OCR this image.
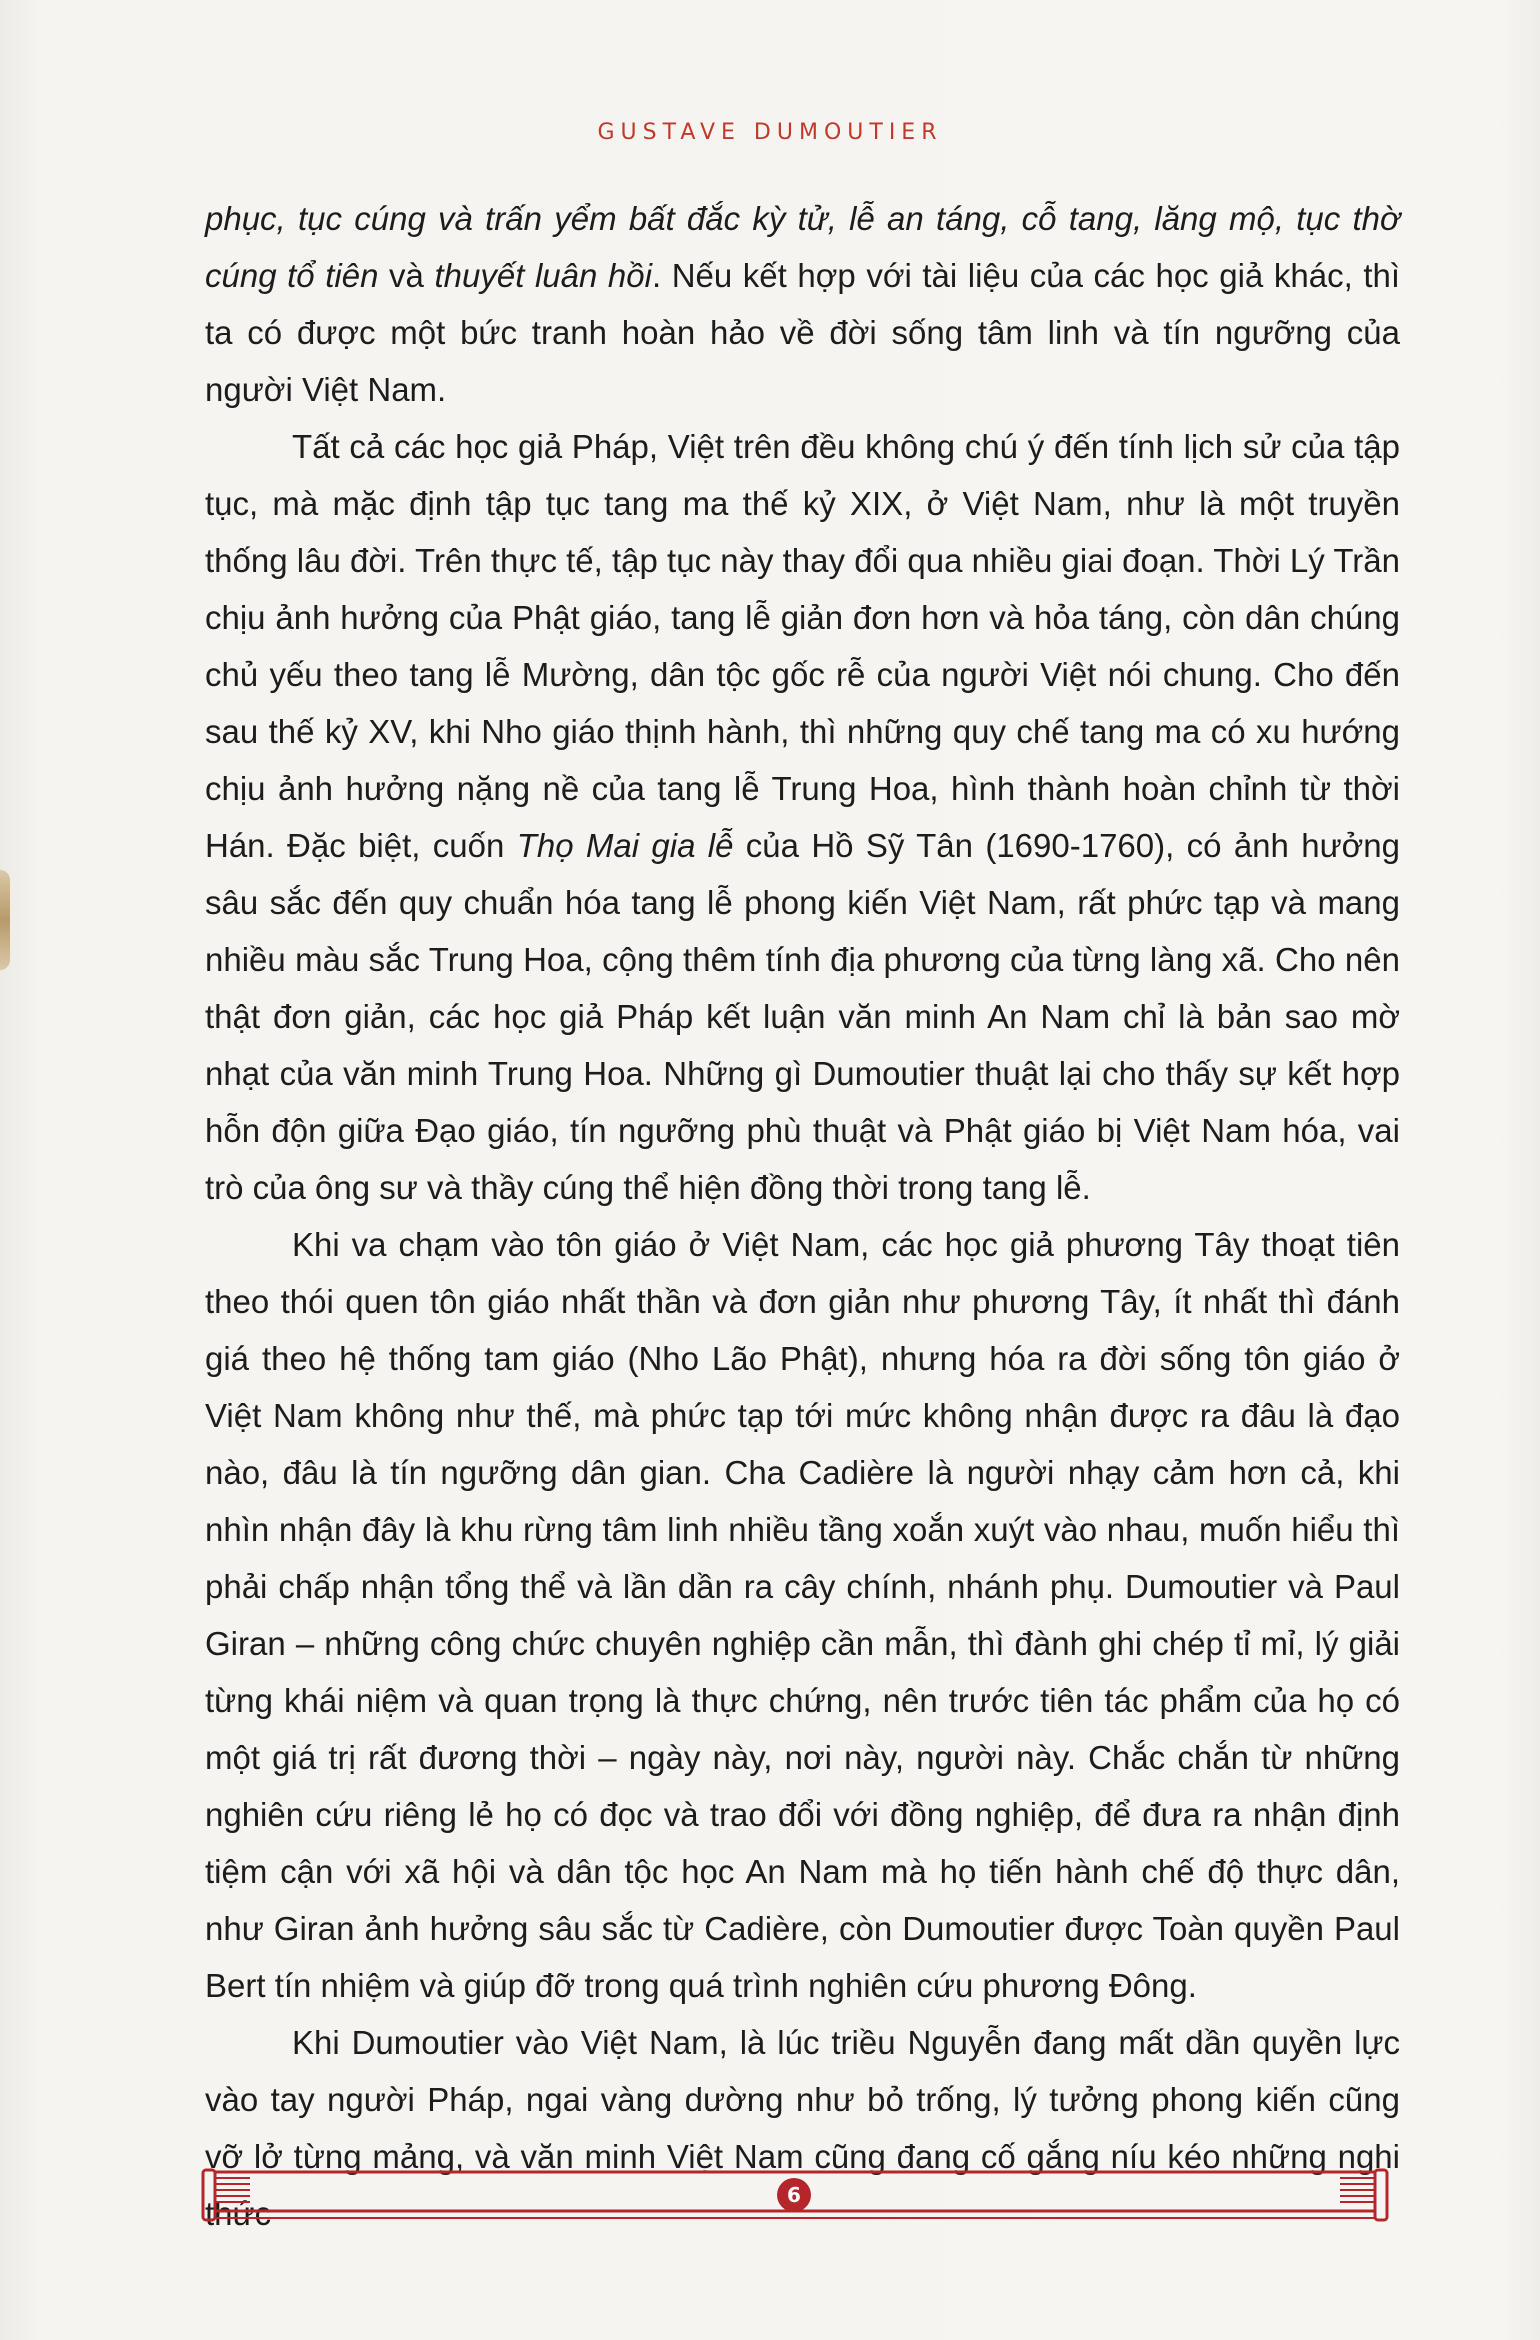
GUSTAVE DUMOUTIER

phục, tục cúng và trấn yểm bất đắc kỳ tử, lễ an táng, cỗ tang, lăng mộ, tục thờ cúng tổ tiên và thuyết luân hồi. Nếu kết hợp với tài liệu của các học giả khác, thì ta có được một bức tranh hoàn hảo về đời sống tâm linh và tín ngưỡng của người Việt Nam.

Tất cả các học giả Pháp, Việt trên đều không chú ý đến tính lịch sử của tập tục, mà mặc định tập tục tang ma thế kỷ XIX, ở Việt Nam, như là một truyền thống lâu đời. Trên thực tế, tập tục này thay đổi qua nhiều giai đoạn. Thời Lý Trần chịu ảnh hưởng của Phật giáo, tang lễ giản đơn hơn và hỏa táng, còn dân chúng chủ yếu theo tang lễ Mường, dân tộc gốc rễ của người Việt nói chung. Cho đến sau thế kỷ XV, khi Nho giáo thịnh hành, thì những quy chế tang ma có xu hướng chịu ảnh hưởng nặng nề của tang lễ Trung Hoa, hình thành hoàn chỉnh từ thời Hán. Đặc biệt, cuốn Thọ Mai gia lễ của Hồ Sỹ Tân (1690-1760), có ảnh hưởng sâu sắc đến quy chuẩn hóa tang lễ phong kiến Việt Nam, rất phức tạp và mang nhiều màu sắc Trung Hoa, cộng thêm tính địa phương của từng làng xã. Cho nên thật đơn giản, các học giả Pháp kết luận văn minh An Nam chỉ là bản sao mờ nhạt của văn minh Trung Hoa. Những gì Dumoutier thuật lại cho thấy sự kết hợp hỗn độn giữa Đạo giáo, tín ngưỡng phù thuật và Phật giáo bị Việt Nam hóa, vai trò của ông sư và thầy cúng thể hiện đồng thời trong tang lễ.

Khi va chạm vào tôn giáo ở Việt Nam, các học giả phương Tây thoạt tiên theo thói quen tôn giáo nhất thần và đơn giản như phương Tây, ít nhất thì đánh giá theo hệ thống tam giáo (Nho Lão Phật), nhưng hóa ra đời sống tôn giáo ở Việt Nam không như thế, mà phức tạp tới mức không nhận được ra đâu là đạo nào, đâu là tín ngưỡng dân gian. Cha Cadière là người nhạy cảm hơn cả, khi nhìn nhận đây là khu rừng tâm linh nhiều tầng xoắn xuýt vào nhau, muốn hiểu thì phải chấp nhận tổng thể và lần dần ra cây chính, nhánh phụ. Dumoutier và Paul Giran – những công chức chuyên nghiệp cần mẫn, thì đành ghi chép tỉ mỉ, lý giải từng khái niệm và quan trọng là thực chứng, nên trước tiên tác phẩm của họ có một giá trị rất đương thời – ngày này, nơi này, người này. Chắc chắn từ những nghiên cứu riêng lẻ họ có đọc và trao đổi với đồng nghiệp, để đưa ra nhận định tiệm cận với xã hội và dân tộc học An Nam mà họ tiến hành chế độ thực dân, như Giran ảnh hưởng sâu sắc từ Cadière, còn Dumoutier được Toàn quyền Paul Bert tín nhiệm và giúp đỡ trong quá trình nghiên cứu phương Đông.

Khi Dumoutier vào Việt Nam, là lúc triều Nguyễn đang mất dần quyền lực vào tay người Pháp, ngai vàng dường như bỏ trống, lý tưởng phong kiến cũng vỡ lở từng mảng, và văn minh Việt Nam cũng đang cố gắng níu kéo những nghi thức	6
